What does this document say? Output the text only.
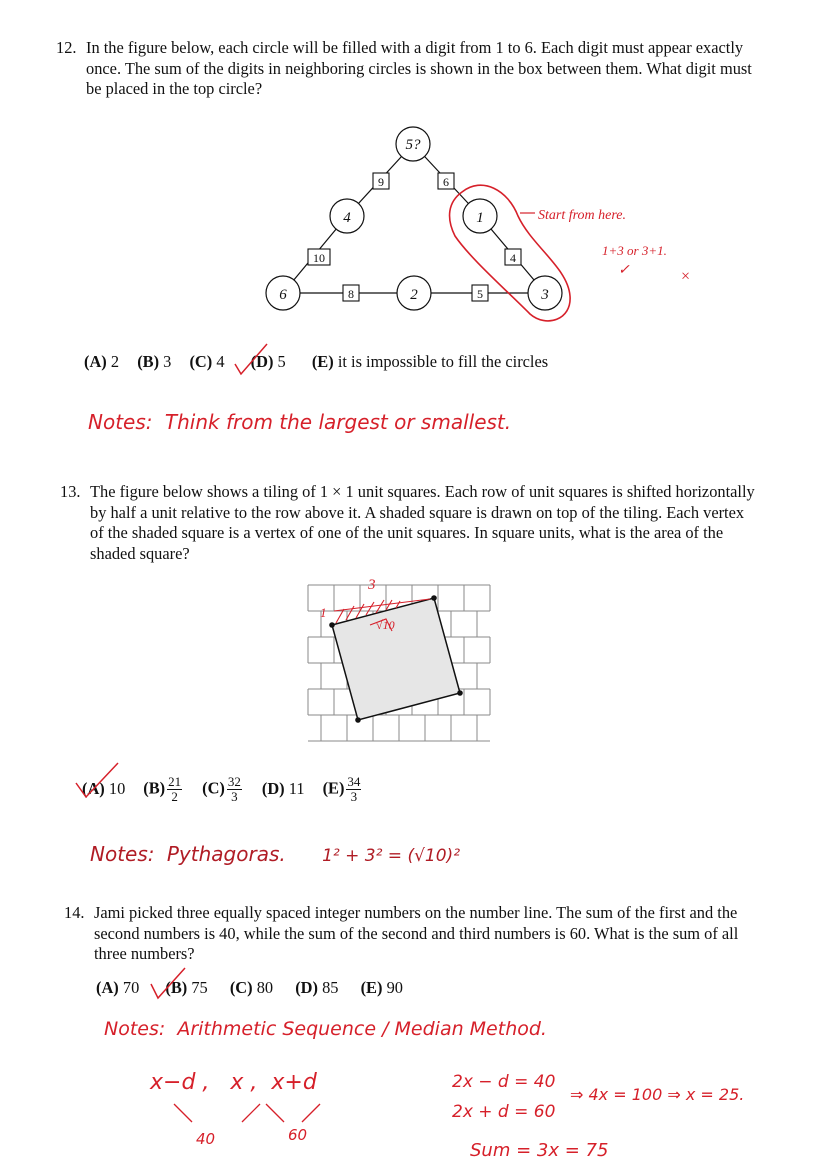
12. In the figure below, each circle will be filled with a digit from 1 to 6. Each digit must appear exactly once. The sum of the digits in neighboring circles is shown in the box between them. What digit must be placed in the top circle?
9	6
10	4
8	5
5?
4	1
6	2	3
Start from here.
1+3 or 3+1.
✓	×
(A) 2 (B) 3 (C) 4 (D) 5 (E) it is impossible to fill the circles
Notes: Think from the largest or smallest.
13. The figure below shows a tiling of 1 × 1 unit squares. Each row of unit squares is shifted horizontally by half a unit relative to the row above it. A shaded square is drawn on top of the tiling. Each vertex of the shaded square is a vertex of one of the unit squares. In square units, what is the area of the shaded square?
3
1
√10
(A) 10 $(B) \frac{21}{2} (C) \frac{32}{3} (D)$ 11 $(E) \frac{34}{3}$
Notes: Pythagoras. 1² + 3² = (√10)²
14. Jami picked three equally spaced integer numbers on the number line. The sum of the first and the second numbers is 40, while the sum of the second and third numbers is 60. What is the sum of all three numbers?
(A) 70 (B) 75 (C) 80 (D) 85 (E) 90
Notes: Arithmetic Sequence / Median Method.
x−d ,   x ,  x+d
40	60
2x − d = 40
2x + d = 60
⇒ 4x = 100 ⇒ x = 25.
Sum = 3x = 75
